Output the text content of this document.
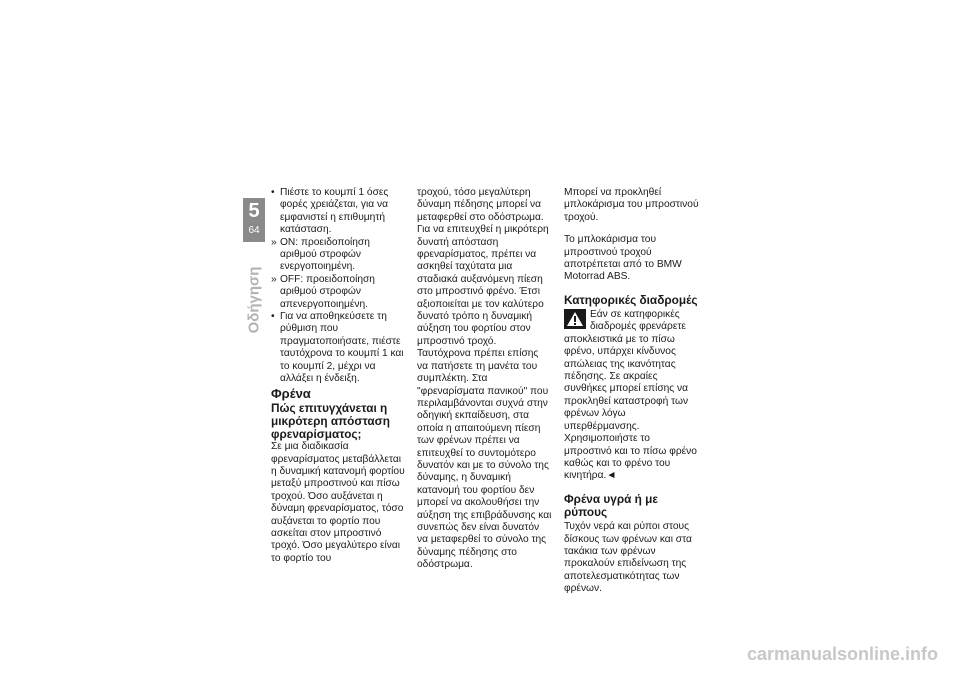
5
64
Οδήγηση

• Πιέστε το κουμπί 1 όσες φορές χρειάζεται, για να εμφανιστεί η επιθυμητή κατάσταση.

» ON: προειδοποίηση αριθμού στροφών ενεργοποιημένη.

» OFF: προειδοποίηση αριθμού στροφών απενεργοποιημένη.

• Για να αποθηκεύσετε τη ρύθμιση που πραγματοποιήσατε, πιέστε ταυτόχρονα το κουμπί 1 και το κουμπί 2, μέχρι να αλλάξει η ένδειξη.

Φρένα

Πώς επιτυγχάνεται η μικρότερη απόσταση φρεναρίσματος;

Σε μια διαδικασία φρεναρίσματος μεταβάλλεται η δυναμική κατανομή φορτίου μεταξύ μπροστινού και πίσω τροχού. Όσο αυξάνεται η δύναμη φρεναρίσματος, τόσο αυξάνεται το φορτίο που ασκείται στον μπροστινό τροχό. Όσο μεγαλύτερο είναι το φορτίο του

τροχού, τόσο μεγαλύτερη δύναμη πέδησης μπορεί να μεταφερθεί στο οδόστρωμα.

Για να επιτευχθεί η μικρότερη δυνατή απόσταση φρεναρίσματος, πρέπει να ασκηθεί ταχύτατα μια σταδιακά αυξανόμενη πίεση στο μπροστινό φρένο. Έτσι αξιοποιείται με τον καλύτερο δυνατό τρόπο η δυναμική αύξηση του φορτίου στον μπροστινό τροχό. Ταυτόχρονα πρέπει επίσης να πατήσετε τη μανέτα του συμπλέκτη. Στα "φρεναρίσματα πανικού" που περιλαμβάνονται συχνά στην οδηγική εκπαίδευση, στα οποία η απαιτούμενη πίεση των φρένων πρέπει να επιτευχθεί το συντομότερο δυνατόν και με το σύνολο της δύναμης, η δυναμική κατανομή του φορτίου δεν μπορεί να ακολουθήσει την αύξηση της επιβράδυνσης και συνεπώς δεν είναι δυνατόν να μεταφερθεί το σύνολο της δύναμης πέδησης στο οδόστρωμα.

Μπορεί να προκληθεί μπλοκάρισμα του μπροστινού τροχού.

Το μπλοκάρισμα του μπροστινού τροχού αποτρέπεται από το BMW Motorrad ABS.

Κατηφορικές διαδρομές

Εάν σε κατηφορικές διαδρομές φρενάρετε αποκλειστικά με το πίσω φρένο, υπάρχει κίνδυνος απώλειας της ικανότητας πέδησης. Σε ακραίες συνθήκες μπορεί επίσης να προκληθεί καταστροφή των φρένων λόγω υπερθέρμανσης.

Χρησιμοποιήστε το μπροστινό και το πίσω φρένο καθώς και το φρένο του κινητήρα.◄

Φρένα υγρά ή με ρύπους

Τυχόν νερά και ρύποι στους δίσκους των φρένων και στα τακάκια των φρένων προκαλούν επιδείνωση της αποτελεσματικότητας των φρένων.

carmanualsonline.info
